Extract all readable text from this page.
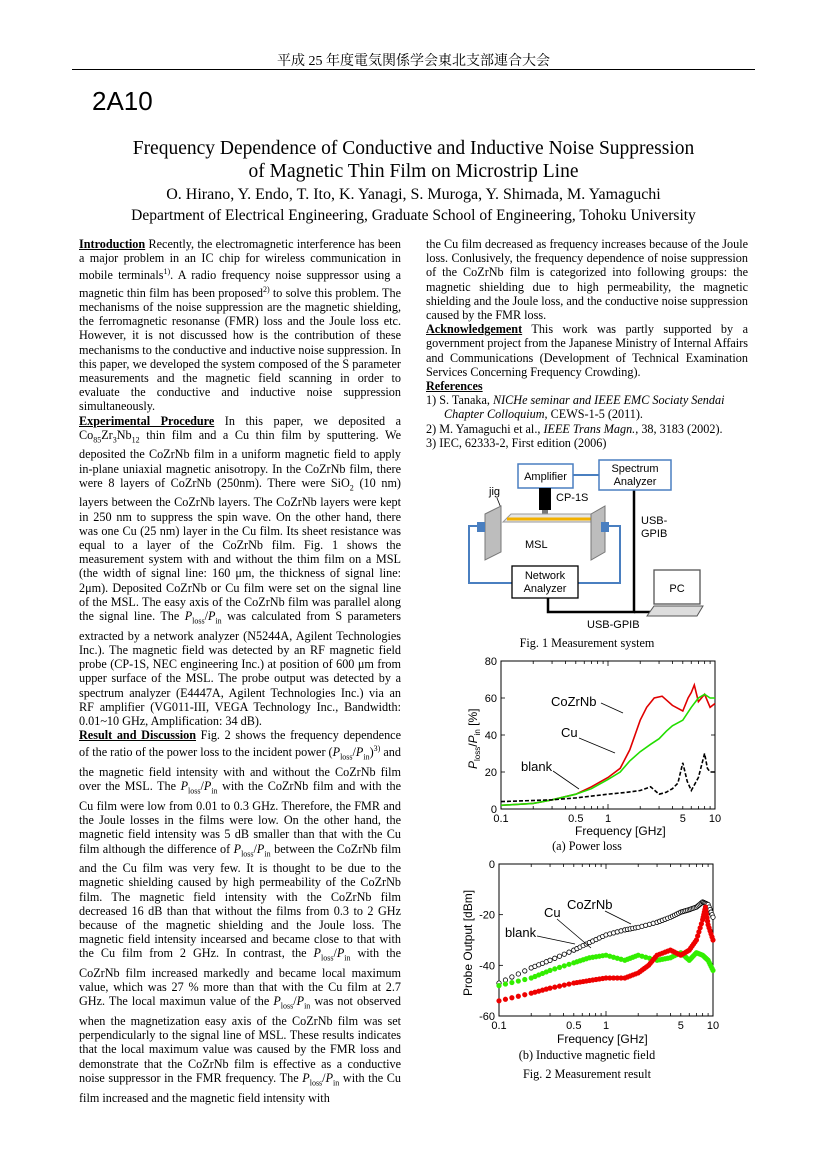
平成 25 年度電気関係学会東北支部連合大会
2A10
Frequency Dependence of Conductive and Inductive Noise Suppression
of Magnetic Thin Film on Microstrip Line
O. Hirano, Y. Endo, T. Ito, K. Yanagi, S. Muroga, Y. Shimada, M. Yamaguchi
Department of Electrical Engineering, Graduate School of Engineering, Tohoku University

Introduction Recently, the electromagnetic interference has been a major problem in an IC chip for wireless communication in mobile terminals$^{1)}$. A radio frequency noise suppressor using a magnetic thin film has been proposed$^{2)}$ to solve this problem. The mechanisms of the noise suppression are the magnetic shielding, the ferromagnetic resonanse (FMR) loss and the Joule loss etc. However, it is not discussed how is the contribution of these mechanisms to the conductive and inductive noise suppression. In this paper, we developed the system composed of the S parameter measurements and the magnetic field scanning in order to evaluate the conductive and inductive noise suppression simultaneously.

Experimental Procedure In this paper, we deposited a $Co_{85}Zr_3Nb_{12}$ thin film and a Cu thin film by sputtering. We deposited the CoZrNb film in a uniform magnetic field to apply in-plane uniaxial magnetic anisotropy. In the CoZrNb film, there were 8 layers of CoZrNb (250nm). There were SiO$_2$ (10 nm) layers between the CoZrNb layers. The CoZrNb layers were kept in 250 nm to suppress the spin wave. On the other hand, there was one Cu (25 nm) layer in the Cu film. Its sheet resistance was equal to a layer of the CoZrNb film. Fig. 1 shows the measurement system with and without the thim film on a MSL (the width of signal line: 160 μm, the thickness of signal line: 2μm). Deposited CoZrNb or Cu film were set on the signal line of the MSL. The easy axis of the CoZrNb film was parallel along the signal line. The $P_{loss}/P_{in}$ was calculated from S parameters extracted by a network analyzer (N5244A, Agilent Technologies Inc.). The magnetic field was detected by an RF magnetic field probe (CP-1S, NEC engineering Inc.) at position of 600 μm from upper surface of the MSL. The probe output was detected by a spectrum analyzer (E4447A, Agilent Technologies Inc.) via an RF amplifier (VG011-III, VEGA Technology Inc., Bandwidth: 0.01~10 GHz, Amplification: 34 dB).

Result and Discussion Fig. 2 shows the frequency dependence of the ratio of the power loss to the incident power $(P_{loss}/P_{in})^{3)}$ and the magnetic field intensity with and without the CoZrNb film over the MSL. The $P_{loss}/P_{in}$ with the CoZrNb film and with the Cu film were low from 0.01 to 0.3 GHz. Therefore, the FMR and the Joule losses in the films were low. On the other hand, the magnetic field intensity was 5 dB smaller than that with the Cu film although the difference of $P_{loss}/P_{in}$ between the CoZrNb film and the Cu film was very few. It is thought to be due to the magnetic shielding caused by high permeability of the CoZrNb film. The magnetic field intensity with the CoZrNb film decreased 16 dB than that without the films from 0.3 to 2 GHz because of the magnetic shielding and the Joule loss. The magnetic field intensity incearsed and became close to that with the Cu film from 2 GHz. In contrast, the $P_{loss}/P_{in}$ with the CoZrNb film increased markedly and became local maximum value, which was 27 % more than that with the Cu film at 2.7 GHz. The local maximun value of the $P_{loss}/P_{in}$ was not observed when the magnetization easy axis of the CoZrNb film was set perpendicularly to the signal line of MSL. These results indicates that the local maximum value was caused by the FMR loss and demonstrate that the CoZrNb film is effective as a conductive noise suppressor in the FMR frequency. The $P_{loss}/P_{in}$ with the Cu film increased and the magnetic field intensity with

the Cu film decreased as frequency increases because of the Joule loss. Conlusively, the frequency dependence of noise suppression of the CoZrNb film is categorized into following groups: the magnetic shielding due to high permeability, the magnetic shielding and the Joule loss, and the conductive noise suppression caused by the FMR loss.

Acknowledgement This work was partly supported by a government project from the Japanese Ministry of Internal Affairs and Communications (Development of Technical Examination Services Concerning Frequency Crowding).

References

1) S. Tanaka, NICHe seminar and IEEE EMC Sociaty Sendai Chapter Colloquium, CEWS-1-5 (2011).

2) M. Yamaguchi et al., IEEE Trans Magn., 38, 3183 (2002).

3) IEC, 62333-2, First edition (2006)

Amplifier
Spectrum
Analyzer
CP-1S
jig
MSL
USB-
GPIB
Network
Analyzer	PC
USB-GPIB
Fig. 1 Measurement system
0.1	0.5 1	5 10
0
20
40
60
80
Frequency [GHz]
$P_{loss}/P_{in}$ [%]
CoZrNb
Cu
blank
(a) Power loss
0.1	0.5 1	5 10
0
-20
-40
-60
Frequency [GHz]
Probe Output [dBm]	CoZrNb
Cu
blank
(b) Inductive magnetic field
Fig. 2 Measurement result
